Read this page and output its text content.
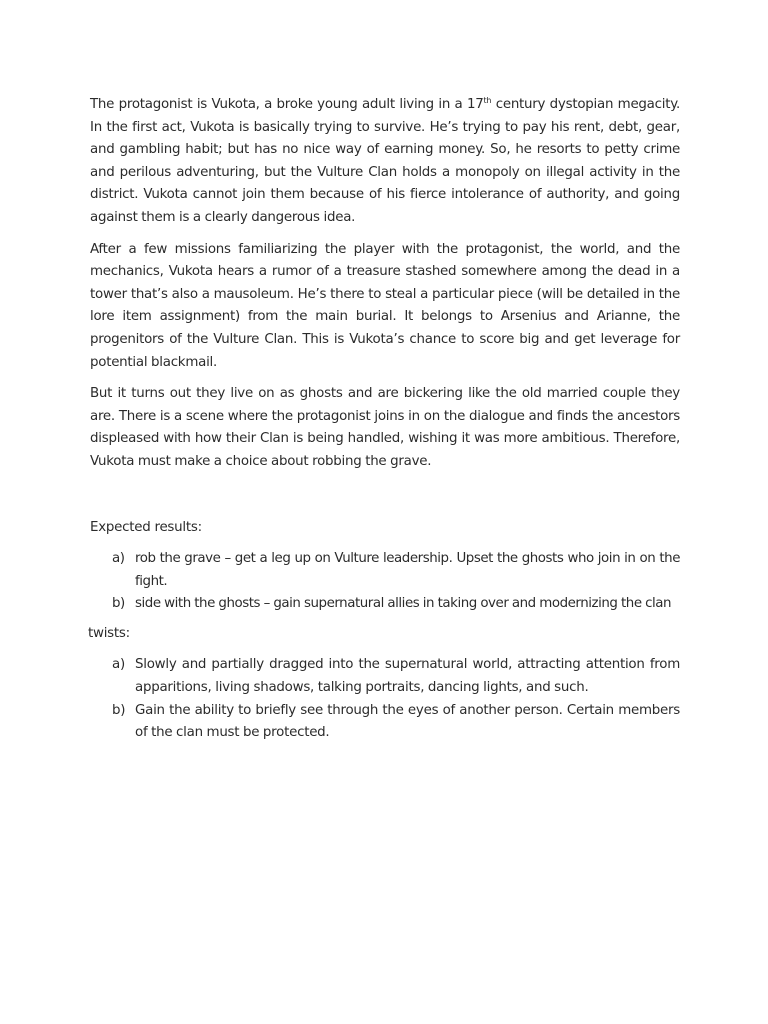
The protagonist is Vukota, a broke young adult living in a 17th century dystopian megacity. In the first act, Vukota is basically trying to survive. He’s trying to pay his rent, debt, gear, and gambling habit; but has no nice way of earning money. So, he resorts to petty crime and perilous adventuring, but the Vulture Clan holds a monopoly on illegal activity in the district. Vukota cannot join them because of his fierce intolerance of authority, and going against them is a clearly dangerous idea.

After a few missions familiarizing the player with the protagonist, the world, and the mechanics, Vukota hears a rumor of a treasure stashed somewhere among the dead in a tower that’s also a mausoleum. He’s there to steal a particular piece (will be detailed in the lore item assignment) from the main burial. It belongs to Arsenius and Arianne, the progenitors of the Vulture Clan. This is Vukota’s chance to score big and get leverage for potential blackmail.

But it turns out they live on as ghosts and are bickering like the old married couple they are. There is a scene where the protagonist joins in on the dialogue and finds the ancestors displeased with how their Clan is being handled, wishing it was more ambitious. Therefore, Vukota must make a choice about robbing the grave.

Expected results:
a) rob the grave – get a leg up on Vulture leadership. Upset the ghosts who join in on the fight.
b) side with the ghosts – gain supernatural allies in taking over and modernizing the clan
twists:
a) Slowly and partially dragged into the supernatural world, attracting attention from apparitions, living shadows, talking portraits, dancing lights, and such.
b) Gain the ability to briefly see through the eyes of another person. Certain members of the clan must be protected.
